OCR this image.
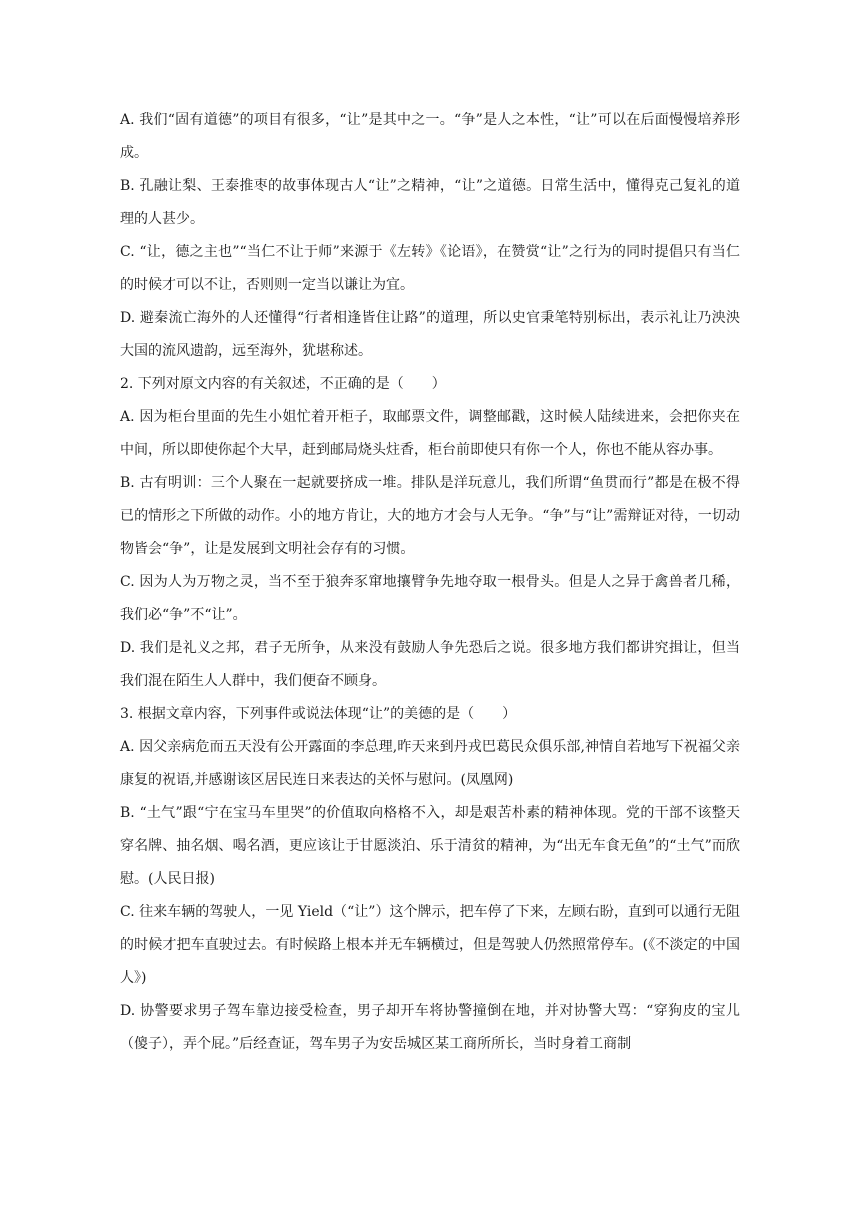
A. 我们“固有道德”的项目有很多，“让”是其中之一。“争”是人之本性，“让”可以在后面慢慢培养形成。

B. 孔融让梨、王泰推枣的故事体现古人“让”之精神，“让”之道德。日常生活中，懂得克己复礼的道理的人甚少。

C. “让，德之主也”“当仁不让于师”来源于《左转》《论语》，在赞赏“让”之行为的同时提倡只有当仁的时候才可以不让，否则则一定当以谦让为宜。

D. 避秦流亡海外的人还懂得“行者相逢皆住让路”的道理，所以史官秉笔特别标出，表示礼让乃泱泱大国的流风遗韵，远至海外，犹堪称述。

2. 下列对原文内容的有关叙述，不正确的是（　　）

A. 因为柜台里面的先生小姐忙着开柜子，取邮票文件，调整邮戳，这时候人陆续进来，会把你夹在中间，所以即使你起个大早，赶到邮局烧头炷香，柜台前即使只有你一个人，你也不能从容办事。

B. 古有明训：三个人聚在一起就要挤成一堆。排队是洋玩意儿，我们所谓“鱼贯而行”都是在极不得已的情形之下所做的动作。小的地方肯让，大的地方才会与人无争。“争”与“让”需辩证对待，一切动物皆会“争”，让是发展到文明社会存有的习惯。

C. 因为人为万物之灵，当不至于狼奔豕窜地攘臂争先地夺取一根骨头。但是人之异于禽兽者几稀，我们必“争”不“让”。

D. 我们是礼义之邦，君子无所争，从来没有鼓励人争先恐后之说。很多地方我们都讲究揖让，但当我们混在陌生人人群中，我们便奋不顾身。

3. 根据文章内容，下列事件或说法体现“让”的美德的是（　　）

A. 因父亲病危而五天没有公开露面的李总理,昨天来到丹戎巴葛民众俱乐部,神情自若地写下祝福父亲康复的祝语,并感谢该区居民连日来表达的关怀与慰问。(凤凰网)

B. “土气”跟“宁在宝马车里哭”的价值取向格格不入，却是艰苦朴素的精神体现。党的干部不该整天穿名牌、抽名烟、喝名酒，更应该让于甘愿淡泊、乐于清贫的精神，为“出无车食无鱼”的“土气”而欣慰。(人民日报)

C. 往来车辆的驾驶人，一见 Yield（“让”）这个牌示，把车停了下来，左顾右盼，直到可以通行无阻的时候才把车直驶过去。有时候路上根本并无车辆横过，但是驾驶人仍然照常停车。(《不淡定的中国人》)

D. 协警要求男子驾车靠边接受检查，男子却开车将协警撞倒在地，并对协警大骂：“穿狗皮的宝儿（傻子），弄个屁。”后经查证，驾车男子为安岳城区某工商所所长，当时身着工商制
